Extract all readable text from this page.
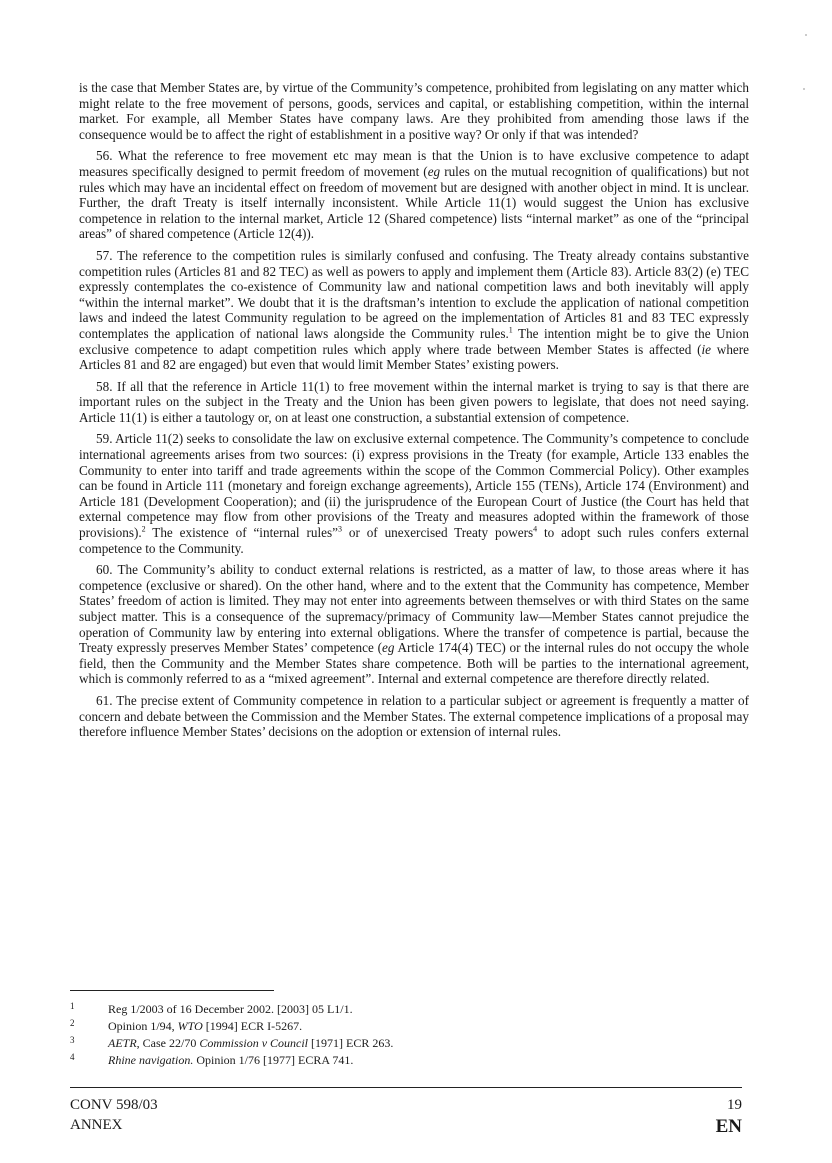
is the case that Member States are, by virtue of the Community’s competence, prohibited from legislating on any matter which might relate to the free movement of persons, goods, services and capital, or establishing competition, within the internal market. For example, all Member States have company laws. Are they prohibited from amending those laws if the consequence would be to affect the right of establishment in a positive way? Or only if that was intended?

56. What the reference to free movement etc may mean is that the Union is to have exclusive competence to adapt measures specifically designed to permit freedom of movement (eg rules on the mutual recognition of qualifications) but not rules which may have an incidental effect on freedom of movement but are designed with another object in mind. It is unclear. Further, the draft Treaty is itself internally inconsistent. While Article 11(1) would suggest the Union has exclusive competence in relation to the internal market, Article 12 (Shared competence) lists “internal market” as one of the “principal areas” of shared competence (Article 12(4)).

57. The reference to the competition rules is similarly confused and confusing. The Treaty already contains substantive competition rules (Articles 81 and 82 TEC) as well as powers to apply and implement them (Article 83). Article 83(2) (e) TEC expressly contemplates the co-existence of Community law and national competition laws and both inevitably will apply “within the internal market”. We doubt that it is the draftsman’s intention to exclude the application of national competition laws and indeed the latest Community regulation to be agreed on the implementation of Articles 81 and 83 TEC expressly contemplates the application of national laws alongside the Community rules.$^1$ The intention might be to give the Union exclusive competence to adapt competition rules which apply where trade between Member States is affected (ie where Articles 81 and 82 are engaged) but even that would limit Member States’ existing powers.

58. If all that the reference in Article 11(1) to free movement within the internal market is trying to say is that there are important rules on the subject in the Treaty and the Union has been given powers to legislate, that does not need saying. Article 11(1) is either a tautology or, on at least one construction, a substantial extension of competence.

59. Article 11(2) seeks to consolidate the law on exclusive external competence. The Community’s competence to conclude international agreements arises from two sources: (i) express provisions in the Treaty (for example, Article 133 enables the Community to enter into tariff and trade agreements within the scope of the Common Commercial Policy). Other examples can be found in Article 111 (monetary and foreign exchange agreements), Article 155 (TENs), Article 174 (Environment) and Article 181 (Development Cooperation); and (ii) the jurisprudence of the European Court of Justice (the Court has held that external competence may flow from other provisions of the Treaty and measures adopted within the framework of those provisions).$^2$ The existence of “internal rules”$^3$ or of unexercised Treaty powers$^4$ to adopt such rules confers external competence to the Community.

60. The Community’s ability to conduct external relations is restricted, as a matter of law, to those areas where it has competence (exclusive or shared). On the other hand, where and to the extent that the Community has competence, Member States’ freedom of action is limited. They may not enter into agreements between themselves or with third States on the same subject matter. This is a consequence of the supremacy/primacy of Community law—Member States cannot prejudice the operation of Community law by entering into external obligations. Where the transfer of competence is partial, because the Treaty expressly preserves Member States’ competence (eg Article 174(4) TEC) or the internal rules do not occupy the whole field, then the Community and the Member States share competence. Both will be parties to the international agreement, which is commonly referred to as a “mixed agreement”. Internal and external competence are therefore directly related.

61. The precise extent of Community competence in relation to a particular subject or agreement is frequently a matter of concern and debate between the Commission and the Member States. The external competence implications of a proposal may therefore influence Member States’ decisions on the adoption or extension of internal rules.

1	Reg 1/2003 of 16 December 2002. [2003] 05 L1/1.
2	Opinion 1/94, WTO [1994] ECR I-5267.
3	AETR, Case 22/70 Commission v Council [1971] ECR 263.
4	Rhine navigation. Opinion 1/76 [1977] ECRA 741.
CONV 598/03
ANNEX
19
EN
